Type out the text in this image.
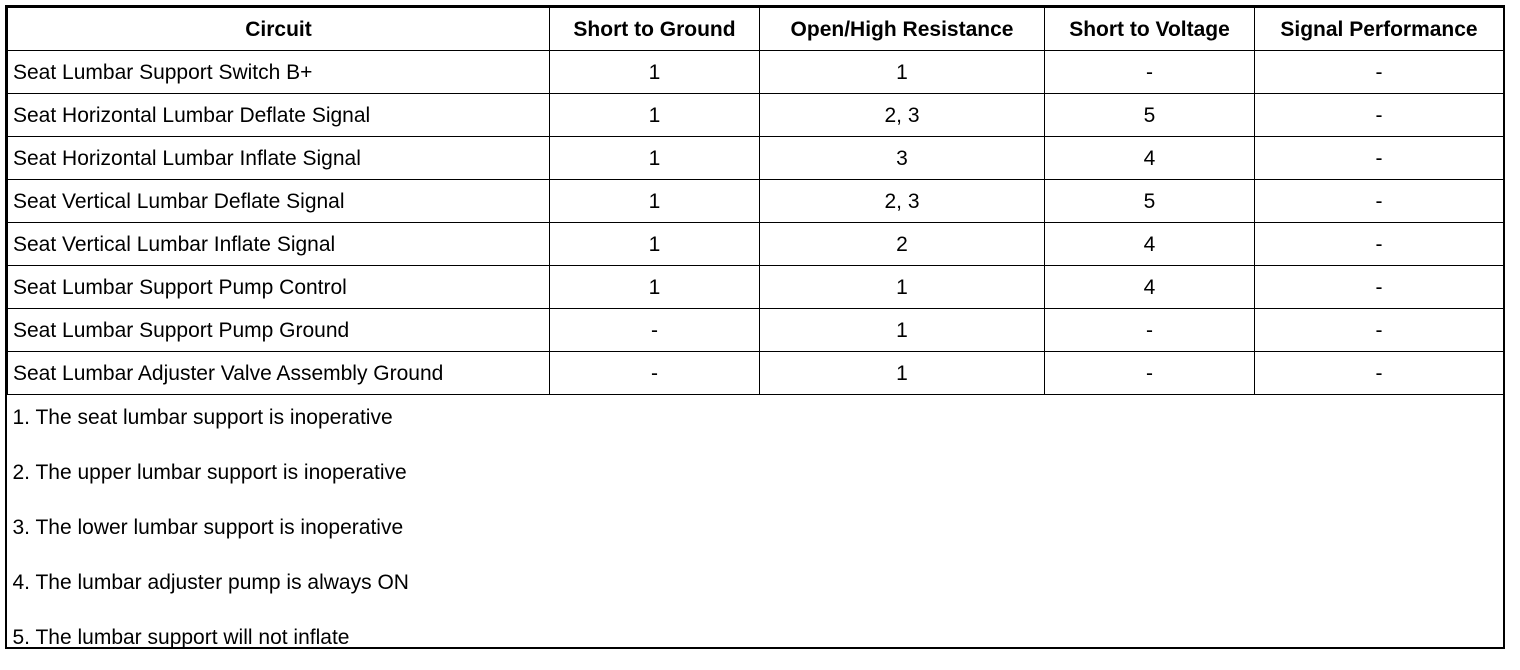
Circuit	Short to Ground	Open/High Resistance	Short to Voltage	Signal Performance
Seat Lumbar Support Switch B+	1	1	-	-
Seat Horizontal Lumbar Deflate Signal	1	2, 3	5	-
Seat Horizontal Lumbar Inflate Signal	1	3	4	-
Seat Vertical Lumbar Deflate Signal	1	2, 3	5	-
Seat Vertical Lumbar Inflate Signal	1	2	4	-
Seat Lumbar Support Pump Control	1	1	4	-
Seat Lumbar Support Pump Ground	-	1	-	-
Seat Lumbar Adjuster Valve Assembly Ground	-	1	-	-

1. The seat lumbar support is inoperative
2. The upper lumbar support is inoperative
3. The lower lumbar support is inoperative
4. The lumbar adjuster pump is always ON
5. The lumbar support will not inflate				
